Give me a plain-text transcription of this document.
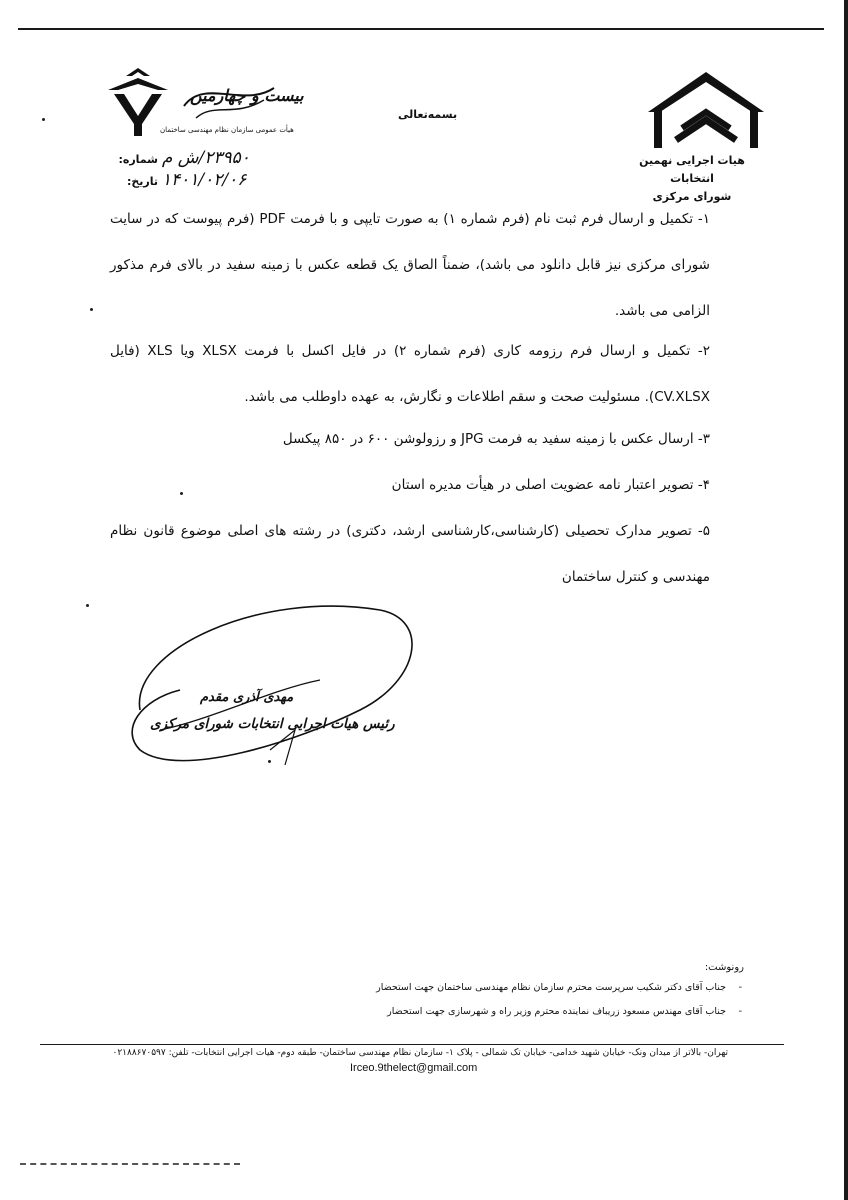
هیات اجرایی نهمین انتخابات
شورای مرکزی
بیست و چهارمین
هیأت عمومی سازمان نظام مهندسی ساختمان
بسمه‌تعالی
۲۳۹۵۰/ش م شماره:
۱۴۰۱/۰۲/۰۶ تاریخ:
۱- تکمیل و ارسال فرم ثبت نام (فرم شماره ۱) به صورت تایپی و با فرمت PDF (فرم پیوست که در سایت
شورای مرکزی نیز قابل دانلود می باشد)، ضمناً الصاق یک قطعه عکس با زمینه سفید در بالای فرم مذکور
الزامی می باشد.
۲- تکمیل و ارسال فرم رزومه کاری (فرم شماره ۲) در فایل اکسل با فرمت XLSX ویا XLS (فایل
CV.XLSX). مسئولیت صحت و سقم اطلاعات و نگارش، به عهده داوطلب می باشد.
۳- ارسال عکس با زمینه سفید به فرمت JPG و رزولوشن ۶۰۰ در ۸۵۰ پیکسل
۴- تصویر اعتبار نامه عضویت اصلی در هیأت مدیره استان
۵- تصویر مدارک تحصیلی (کارشناسی،کارشناسی ارشد، دکتری) در رشته های اصلی موضوع قانون نظام
مهندسی و کنترل ساختمان
مهدی آذری مقدم
رئیس هیات اجرایی انتخابات شورای مرکزی
رونوشت:
-
جناب آقای دکتر شکیب سرپرست محترم سازمان نظام مهندسی ساختمان جهت استحضار
-
جناب آقای مهندس مسعود زریباف نماینده محترم وزیر راه و شهرسازی جهت استحضار
تهران- بالاتر از میدان ونک- خیابان شهید خدامی- خیابان تک شمالی - پلاک ۱- سازمان نظام مهندسی ساختمان- طبقه دوم- هیات اجرایی انتخابات- تلفن: ۰۲۱۸۸۶۷۰۵۹۷
Irceo.9thelect@gmail.com
